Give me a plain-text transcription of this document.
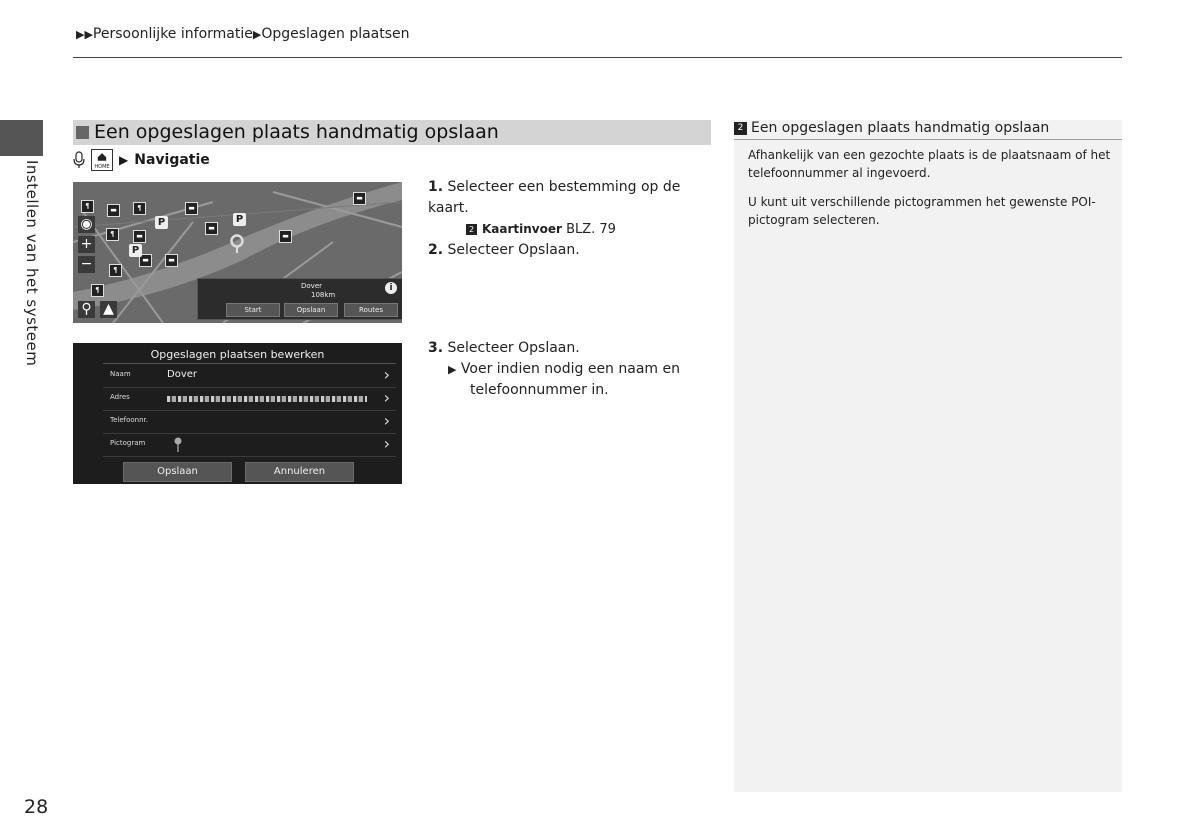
▶▶Persoonlijke informatie▶Opgeslagen plaatsen
Instellen van het systeem
28
Een opgeslagen plaats handmatig opslaan
HOME ▶ Navigatie
¶	▬	¶	▬
▬
¶	▬
▬
▬
▬	▬
¶
¶
P	P
P
◉
+
−
⚲ ▲
Dover
108km
i
Start	Opslaan	Routes
1. Selecteer een bestemming op de kaart.
2 Kaartinvoer BLZ. 79
2. Selecteer Opslaan.
Opgeslagen plaatsen bewerken
Naam	Dover	›
Adres	›
Telefoonnr.	›
Pictogram	›
Opslaan	Annuleren
3. Selecteer Opslaan.
▶ Voer indien nodig een naam en
telefoonnummer in.
2 Een opgeslagen plaats handmatig opslaan
Afhankelijk van een gezochte plaats is de plaatsnaam of het telefoonnummer al ingevoerd.
U kunt uit verschillende pictogrammen het gewenste POI-pictogram selecteren.
